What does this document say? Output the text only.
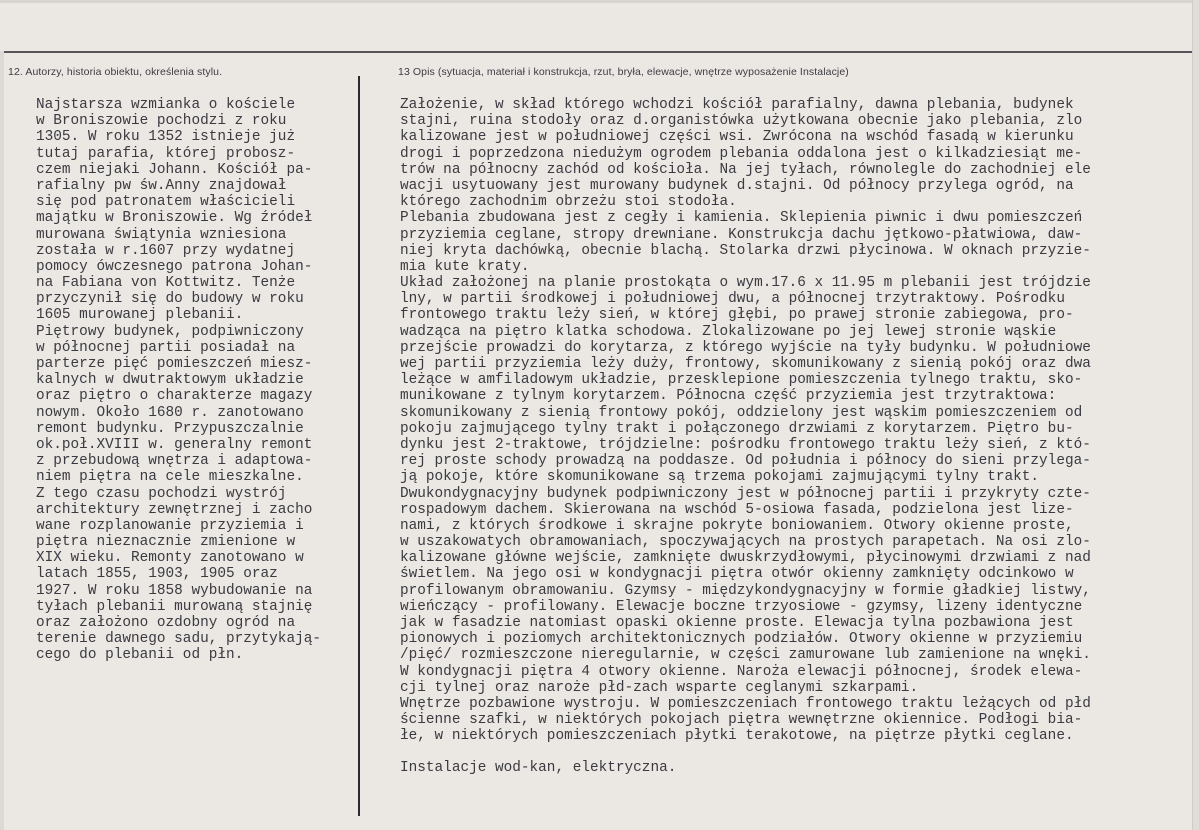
12. Autorzy, historia obiektu, określenia stylu.	13 Opis (sytuacja, materiał i konstrukcja, rzut, bryła, elewacje, wnętrze wyposażenie Instalacje)
Najstarsza wzmianka o kościele
w Broniszowie pochodzi z roku
1305. W roku 1352 istnieje już
tutaj parafia, której probosz-
czem niejaki Johann. Kościół pa-
rafialny pw św.Anny znajdował
się pod patronatem właścicieli
majątku w Broniszowie. Wg źródeł
murowana świątynia wzniesiona
została w r.1607 przy wydatnej
pomocy ówczesnego patrona Johan-
na Fabiana von Kottwitz. Tenże
przyczynił się do budowy w roku
1605 murowanej plebanii.
Piętrowy budynek, podpiwniczony
w północnej partii posiadał na
parterze pięć pomieszczeń miesz-
kalnych w dwutraktowym układzie
oraz piętro o charakterze magazy
nowym. Około 1680 r. zanotowano
remont budynku. Przypuszczalnie
ok.poł.XVIII w. generalny remont
z przebudową wnętrza i adaptowa-
niem piętra na cele mieszkalne.
Z tego czasu pochodzi wystrój
architektury zewnętrznej i zacho
wane rozplanowanie przyziemia i
piętra nieznacznie zmienione w
XIX wieku. Remonty zanotowano w
latach 1855, 1903, 1905 oraz
1927. W roku 1858 wybudowanie na
tyłach plebanii murowaną stajnię
oraz założono ozdobny ogród na
terenie dawnego sadu, przytykają-
cego do plebanii od płn.
Założenie, w skład którego wchodzi kościół parafialny, dawna plebania, budynek
stajni, ruina stodoły oraz d.organistówka użytkowana obecnie jako plebania, zlo
kalizowane jest w południowej części wsi. Zwrócona na wschód fasadą w kierunku
drogi i poprzedzona niedużym ogrodem plebania oddalona jest o kilkadziesiąt me-
trów na północny zachód od kościoła. Na jej tyłach, równolegle do zachodniej ele
wacji usytuowany jest murowany budynek d.stajni. Od północy przylega ogród, na
którego zachodnim obrzeżu stoi stodoła.
Plebania zbudowana jest z cegły i kamienia. Sklepienia piwnic i dwu pomieszczeń
przyziemia ceglane, stropy drewniane. Konstrukcja dachu jętkowo-płatwiowa, daw-
niej kryta dachówką, obecnie blachą. Stolarka drzwi płycinowa. W oknach przyzie-
mia kute kraty.
Układ założonej na planie prostokąta o wym.17.6 x 11.95 m plebanii jest trójdzie
lny, w partii środkowej i południowej dwu, a północnej trzytraktowy. Pośrodku
frontowego traktu leży sień, w której głębi, po prawej stronie zabiegowa, pro-
wadząca na piętro klatka schodowa. Zlokalizowane po jej lewej stronie wąskie
przejście prowadzi do korytarza, z którego wyjście na tyły budynku. W południowe
wej partii przyziemia leży duży, frontowy, skomunikowany z sienią pokój oraz dwa
leżące w amfiladowym układzie, przesklepione pomieszczenia tylnego traktu, sko-
munikowane z tylnym korytarzem. Północna część przyziemia jest trzytraktowa:
skomunikowany z sienią frontowy pokój, oddzielony jest wąskim pomieszczeniem od
pokoju zajmującego tylny trakt i połączonego drzwiami z korytarzem. Piętro bu-
dynku jest 2-traktowe, trójdzielne: pośrodku frontowego traktu leży sień, z któ-
rej proste schody prowadzą na poddasze. Od południa i północy do sieni przylega-
ją pokoje, które skomunikowane są trzema pokojami zajmującymi tylny trakt.
Dwukondygnacyjny budynek podpiwniczony jest w północnej partii i przykryty czte-
rospadowym dachem. Skierowana na wschód 5-osiowa fasada, podzielona jest lize-
nami, z których środkowe i skrajne pokryte boniowaniem. Otwory okienne proste,
w uszakowatych obramowaniach, spoczywających na prostych parapetach. Na osi zlo-
kalizowane główne wejście, zamknięte dwuskrzydłowymi, płycinowymi drzwiami z nad
świetlem. Na jego osi w kondygnacji piętra otwór okienny zamknięty odcinkowo w
profilowanym obramowaniu. Gzymsy - międzykondygnacyjny w formie gładkiej listwy,
wieńczący - profilowany. Elewacje boczne trzyosiowe - gzymsy, lizeny identyczne
jak w fasadzie natomiast opaski okienne proste. Elewacja tylna pozbawiona jest
pionowych i poziomych architektonicznych podziałów. Otwory okienne w przyziemiu
/pięć/ rozmieszczone nieregularnie, w części zamurowane lub zamienione na wnęki.
W kondygnacji piętra 4 otwory okienne. Naroża elewacji północnej, środek elewa-
cji tylnej oraz naroże płd-zach wsparte ceglanymi szkarpami.
Wnętrze pozbawione wystroju. W pomieszczeniach frontowego traktu leżących od płd
ścienne szafki, w niektórych pokojach piętra wewnętrzne okiennice. Podłogi bia-
łe, w niektórych pomieszczeniach płytki terakotowe, na piętrze płytki ceglane.
Instalacje wod-kan, elektryczna.
